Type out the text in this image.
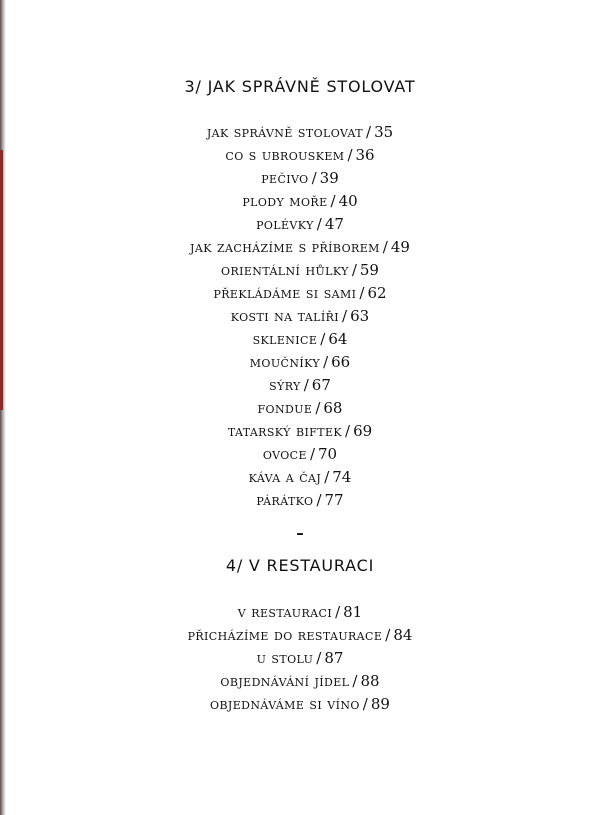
3/ JAK SPRÁVNĚ STOLOVAT
jak správně stolovat / 35
co s ubrouskem / 36
pečivo / 39
plody moře / 40
polévky / 47
jak zacházíme s příborem / 49
orientální hůlky / 59
překládáme si sami / 62
kosti na talíři / 63
sklenice / 64
moučníky / 66
sýry / 67
fondue / 68
tatarský biftek / 69
ovoce / 70
káva a čaj / 74
párátko / 77
–
4/ V RESTAURACI
v restauraci / 81
přicházíme do restaurace / 84
u stolu / 87
objednávání jídel / 88
objednáváme si víno / 89
